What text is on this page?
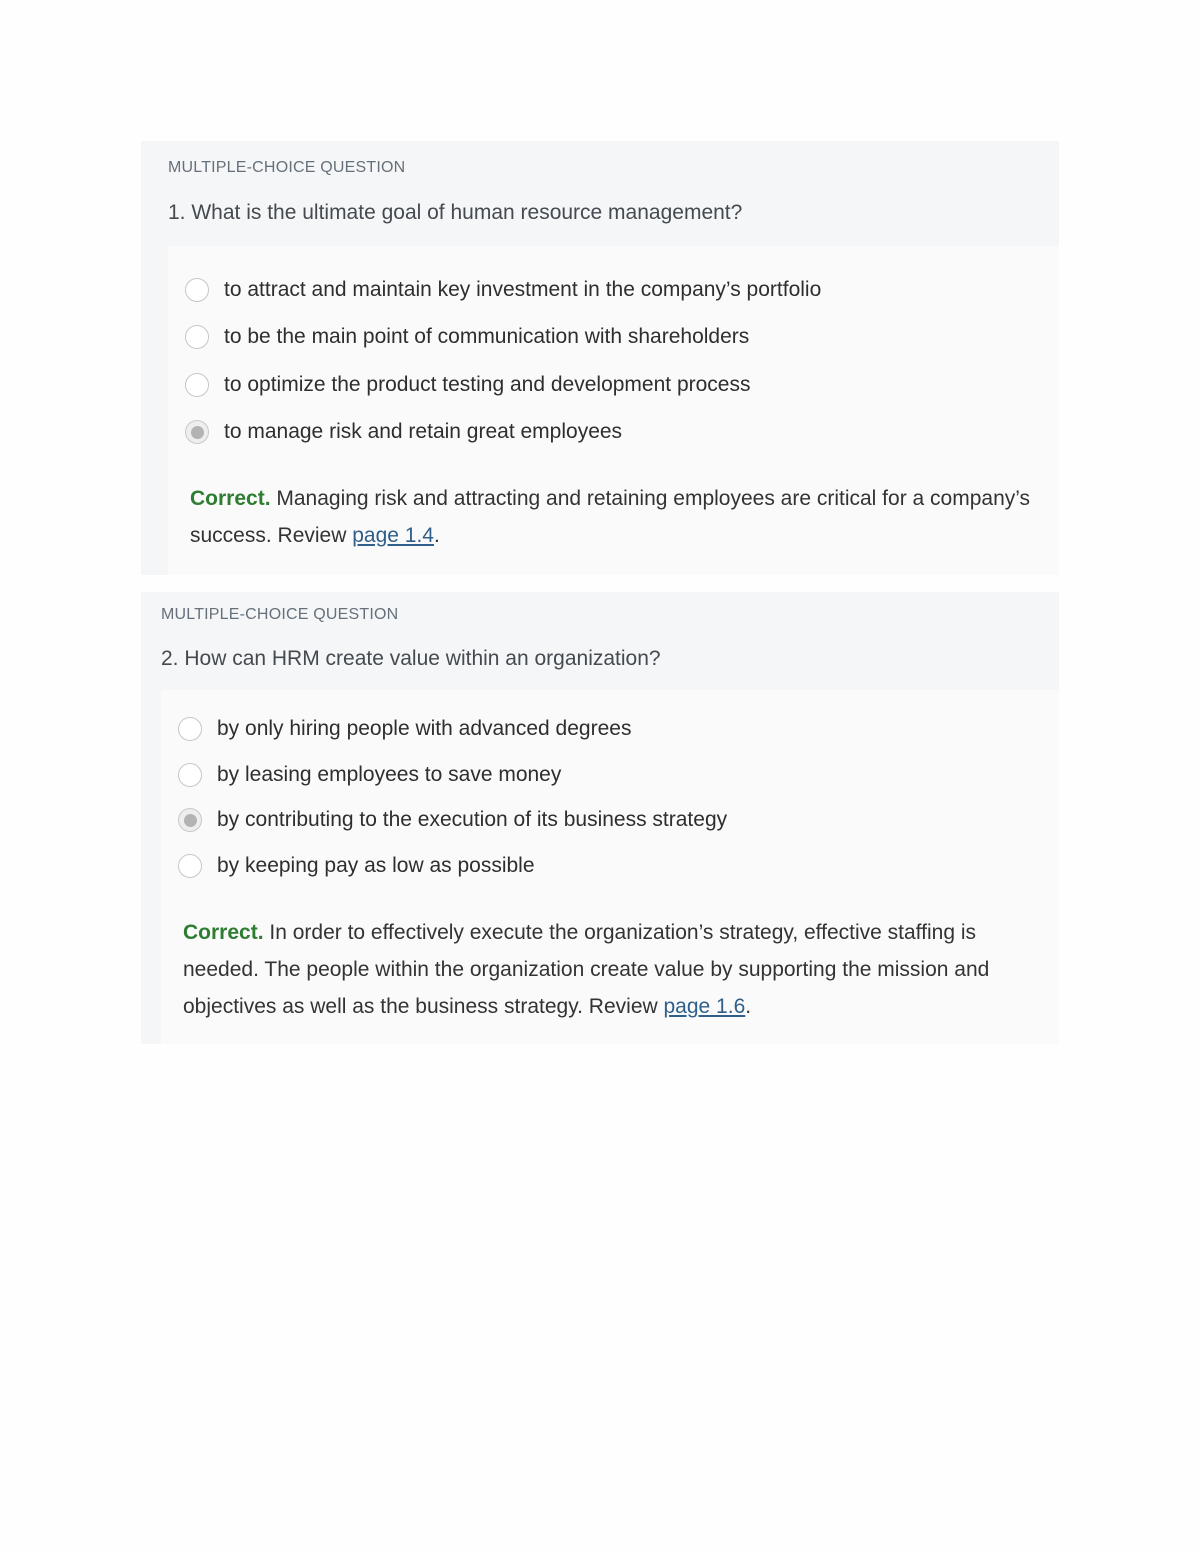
MULTIPLE-CHOICE QUESTION
1. What is the ultimate goal of human resource management?
to attract and maintain key investment in the company’s portfolio
to be the main point of communication with shareholders
to optimize the product testing and development process
to manage risk and retain great employees

Correct. Managing risk and attracting and retaining employees are critical for a company’s success. Review page 1.4.

MULTIPLE-CHOICE QUESTION
2. How can HRM create value within an organization?
by only hiring people with advanced degrees
by leasing employees to save money
by contributing to the execution of its business strategy
by keeping pay as low as possible

Correct. In order to effectively execute the organization’s strategy, effective staffing is needed. The people within the organization create value by supporting the mission and objectives as well as the business strategy. Review page 1.6.
